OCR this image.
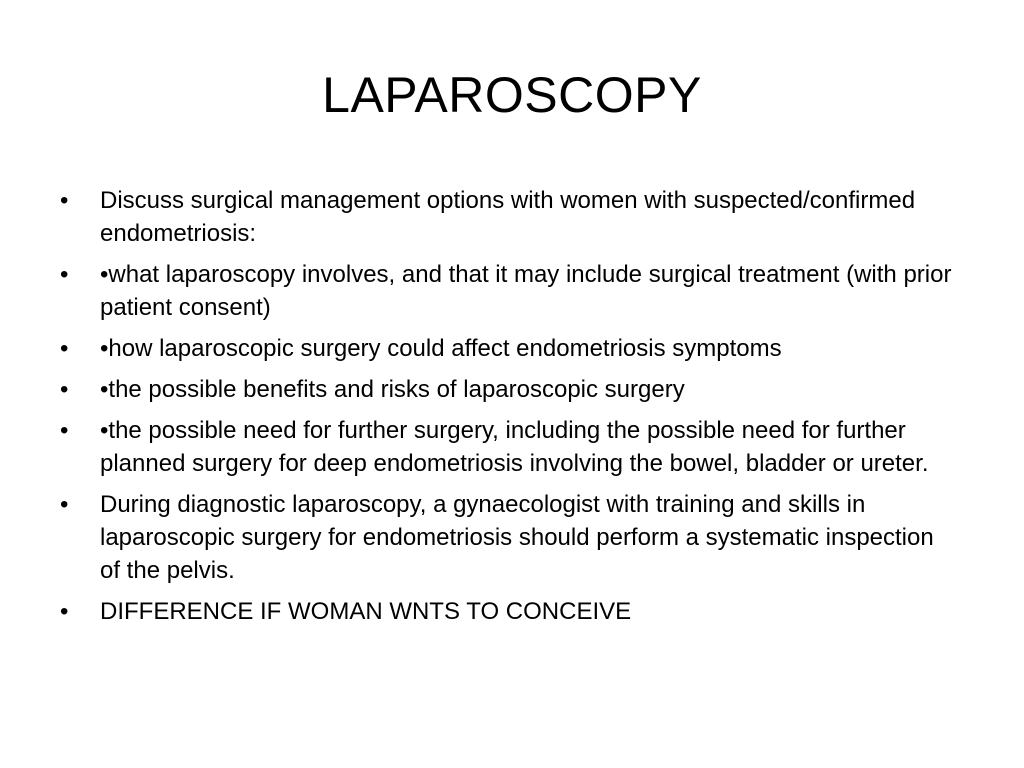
LAPAROSCOPY
•	Discuss surgical management options with women with suspected/confirmed endometriosis:
•	•what laparoscopy involves, and that it may include surgical treatment (with prior patient consent)
•	•how laparoscopic surgery could affect endometriosis symptoms
•	•the possible benefits and risks of laparoscopic surgery
•	•the possible need for further surgery, including the possible need for further planned surgery for deep endometriosis involving the bowel, bladder or ureter.
•	During diagnostic laparoscopy, a gynaecologist with training and skills in laparoscopic surgery for endometriosis should perform a systematic inspection of the pelvis.
•	DIFFERENCE IF WOMAN WNTS TO CONCEIVE
